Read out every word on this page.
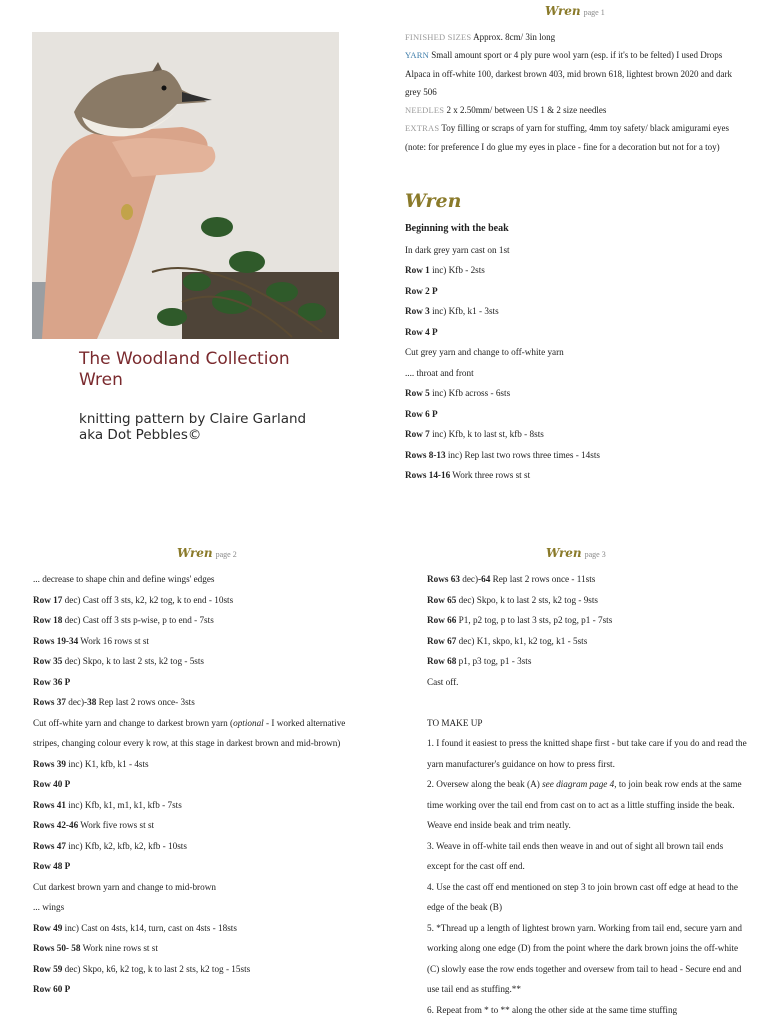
The Woodland Collection
Wren
knitting pattern by Claire Garland
aka Dot Pebbles©
Wren page 1
Wren page 2	Wren page 3

FINISHED SIZES Approx. 8cm/ 3in long

YARN Small amount sport or 4 ply pure wool yarn (esp. if it's to be felted) I used Drops Alpaca in off-white 100, darkest brown 403, mid brown 618, lightest brown 2020 and dark grey 506

NEEDLES 2 x 2.50mm/ between US 1 & 2 size needles

EXTRAS Toy filling or scraps of yarn for stuffing, 4mm toy safety/ black amigurami eyes (note: for preference I do glue my eyes in place - fine for a decoration but not for a toy)

Wren
Beginning with the beak
In dark grey yarn cast on 1st
Row 1 inc) Kfb - 2sts
Row 2 P
Row 3 inc) Kfb, k1 - 3sts
Row 4 P
Cut grey yarn and change to off-white yarn
.... throat and front
Row 5 inc) Kfb across - 6sts
Row 6 P
Row 7 inc) Kfb, k to last st, kfb - 8sts
Rows 8-13 inc) Rep last two rows three times - 14sts
Rows 14-16 Work three rows st st
... decrease to shape chin and define wings' edges
Row 17 dec) Cast off 3 sts, k2, k2 tog, k to end - 10sts
Row 18 dec) Cast off 3 sts p-wise, p to end - 7sts
Rows 19-34 Work 16 rows st st
Row 35 dec) Skpo, k to last 2 sts, k2 tog - 5sts
Row 36 P
Rows 37 dec)-38 Rep last 2 rows once- 3sts
Cut off-white yarn and change to darkest brown yarn (optional - I worked alternative stripes, changing colour every k row, at this stage in darkest brown and mid-brown)
Rows 39 inc) K1, kfb, k1 - 4sts
Row 40 P
Rows 41 inc) Kfb, k1, m1, k1, kfb - 7sts
Rows 42-46 Work five rows st st
Rows 47 inc) Kfb, k2, kfb, k2, kfb - 10sts
Row 48 P
Cut darkest brown yarn and change to mid-brown
... wings
Row 49 inc) Cast on 4sts, k14, turn, cast on 4sts - 18sts
Rows 50- 58 Work nine rows st st
Row 59 dec) Skpo, k6, k2 tog, k to last 2 sts, k2 tog - 15sts
Row 60 P
Rows 63 dec)-64 Rep last 2 rows once - 11sts
Row 65 dec) Skpo, k to last 2 sts, k2 tog - 9sts
Row 66 P1, p2 tog, p to last 3 sts, p2 tog, p1 - 7sts
Row 67 dec) K1, skpo, k1, k2 tog, k1 - 5sts
Row 68 p1, p3 tog, p1 - 3sts
Cast off.
TO MAKE UP
1. I found it easiest to press the knitted shape first - but take care if you do and read the yarn manufacturer's guidance on how to press first.
2. Oversew along the beak (A) see diagram page 4, to join beak row ends at the same time working over the tail end from cast on to act as a little stuffing inside the beak. Weave end inside beak and trim neatly.
3. Weave in off-white tail ends then weave in and out of sight all brown tail ends except for the cast off end.
4. Use the cast off end mentioned on step 3 to join brown cast off edge at head to the edge of the beak (B)
5. *Thread up a length of lightest brown yarn. Working from tail end, secure yarn and working along one edge (D) from the point where the dark brown joins the off-white (C) slowly ease the row ends together and oversew from tail to head - Secure end and use tail end as stuffing.**
6. Repeat from * to ** along the other side at the same time stuffing
